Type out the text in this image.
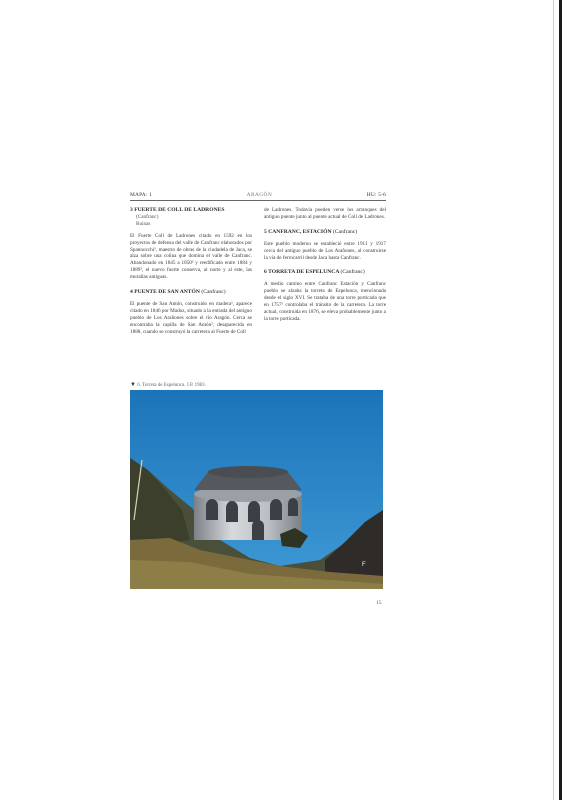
MAPA: 1	ARAGÓN	HU: 5-6
3 FUERTE DE COLL DE LADRONES
(Canfranc)
Ruinas
El Fuerte Coll de Ladrones citado en 1592 en los proyectos de defensa del valle de Canfranc elaborados por Spannocchi¹, maestro de obras de la ciudadela de Jaca, se alza sobre una colina que domina el valle de Canfranc. Abandonado en 1845 a 1850² y reedificado entre 1884 y 1889³, el nuevo fuerte conserva, al norte y al este, las murallas antiguas.
4 PUENTE DE SAN ANTÓN (Canfranc)
El puente de San Antón, construido en madera¹, aparece citado en 1846 por Madoz, situado a la entrada del antiguo pueblo de Los Arañones sobre el río Aragón. Cerca se encontraba la capilla de San Antón², desaparecida en 1888, cuando se construyó la carretera al Fuerte de Coll
de Ladrones. Todavía pueden verse los arranques del antiguo puente junto al puente actual de Coll de Ladrones.
5 CANFRANC, ESTACIÓN (Canfranc)
Este pueblo moderno se estableció entre 1911 y 1917 cerca del antiguo pueblo de Los Arañones, al construirse la vía de ferrocarril desde Jaca hasta Canfranc.
6 TORRETA DE ESPELUNCA (Canfranc)
A medio camino entre Canfranc Estación y Canfranc pueblo se alzaba la torreta de Espelunca, mencionada desde el siglo XVI. Se trataba de una torre porticada que en 1757¹ controlaba el tránsito de la carretera. La torre actual, construida en 1876, se eleva probablemente junto a la torre porticada.
▼ 6. Torreta de Espelunca. J.P. 1983.
F
15
